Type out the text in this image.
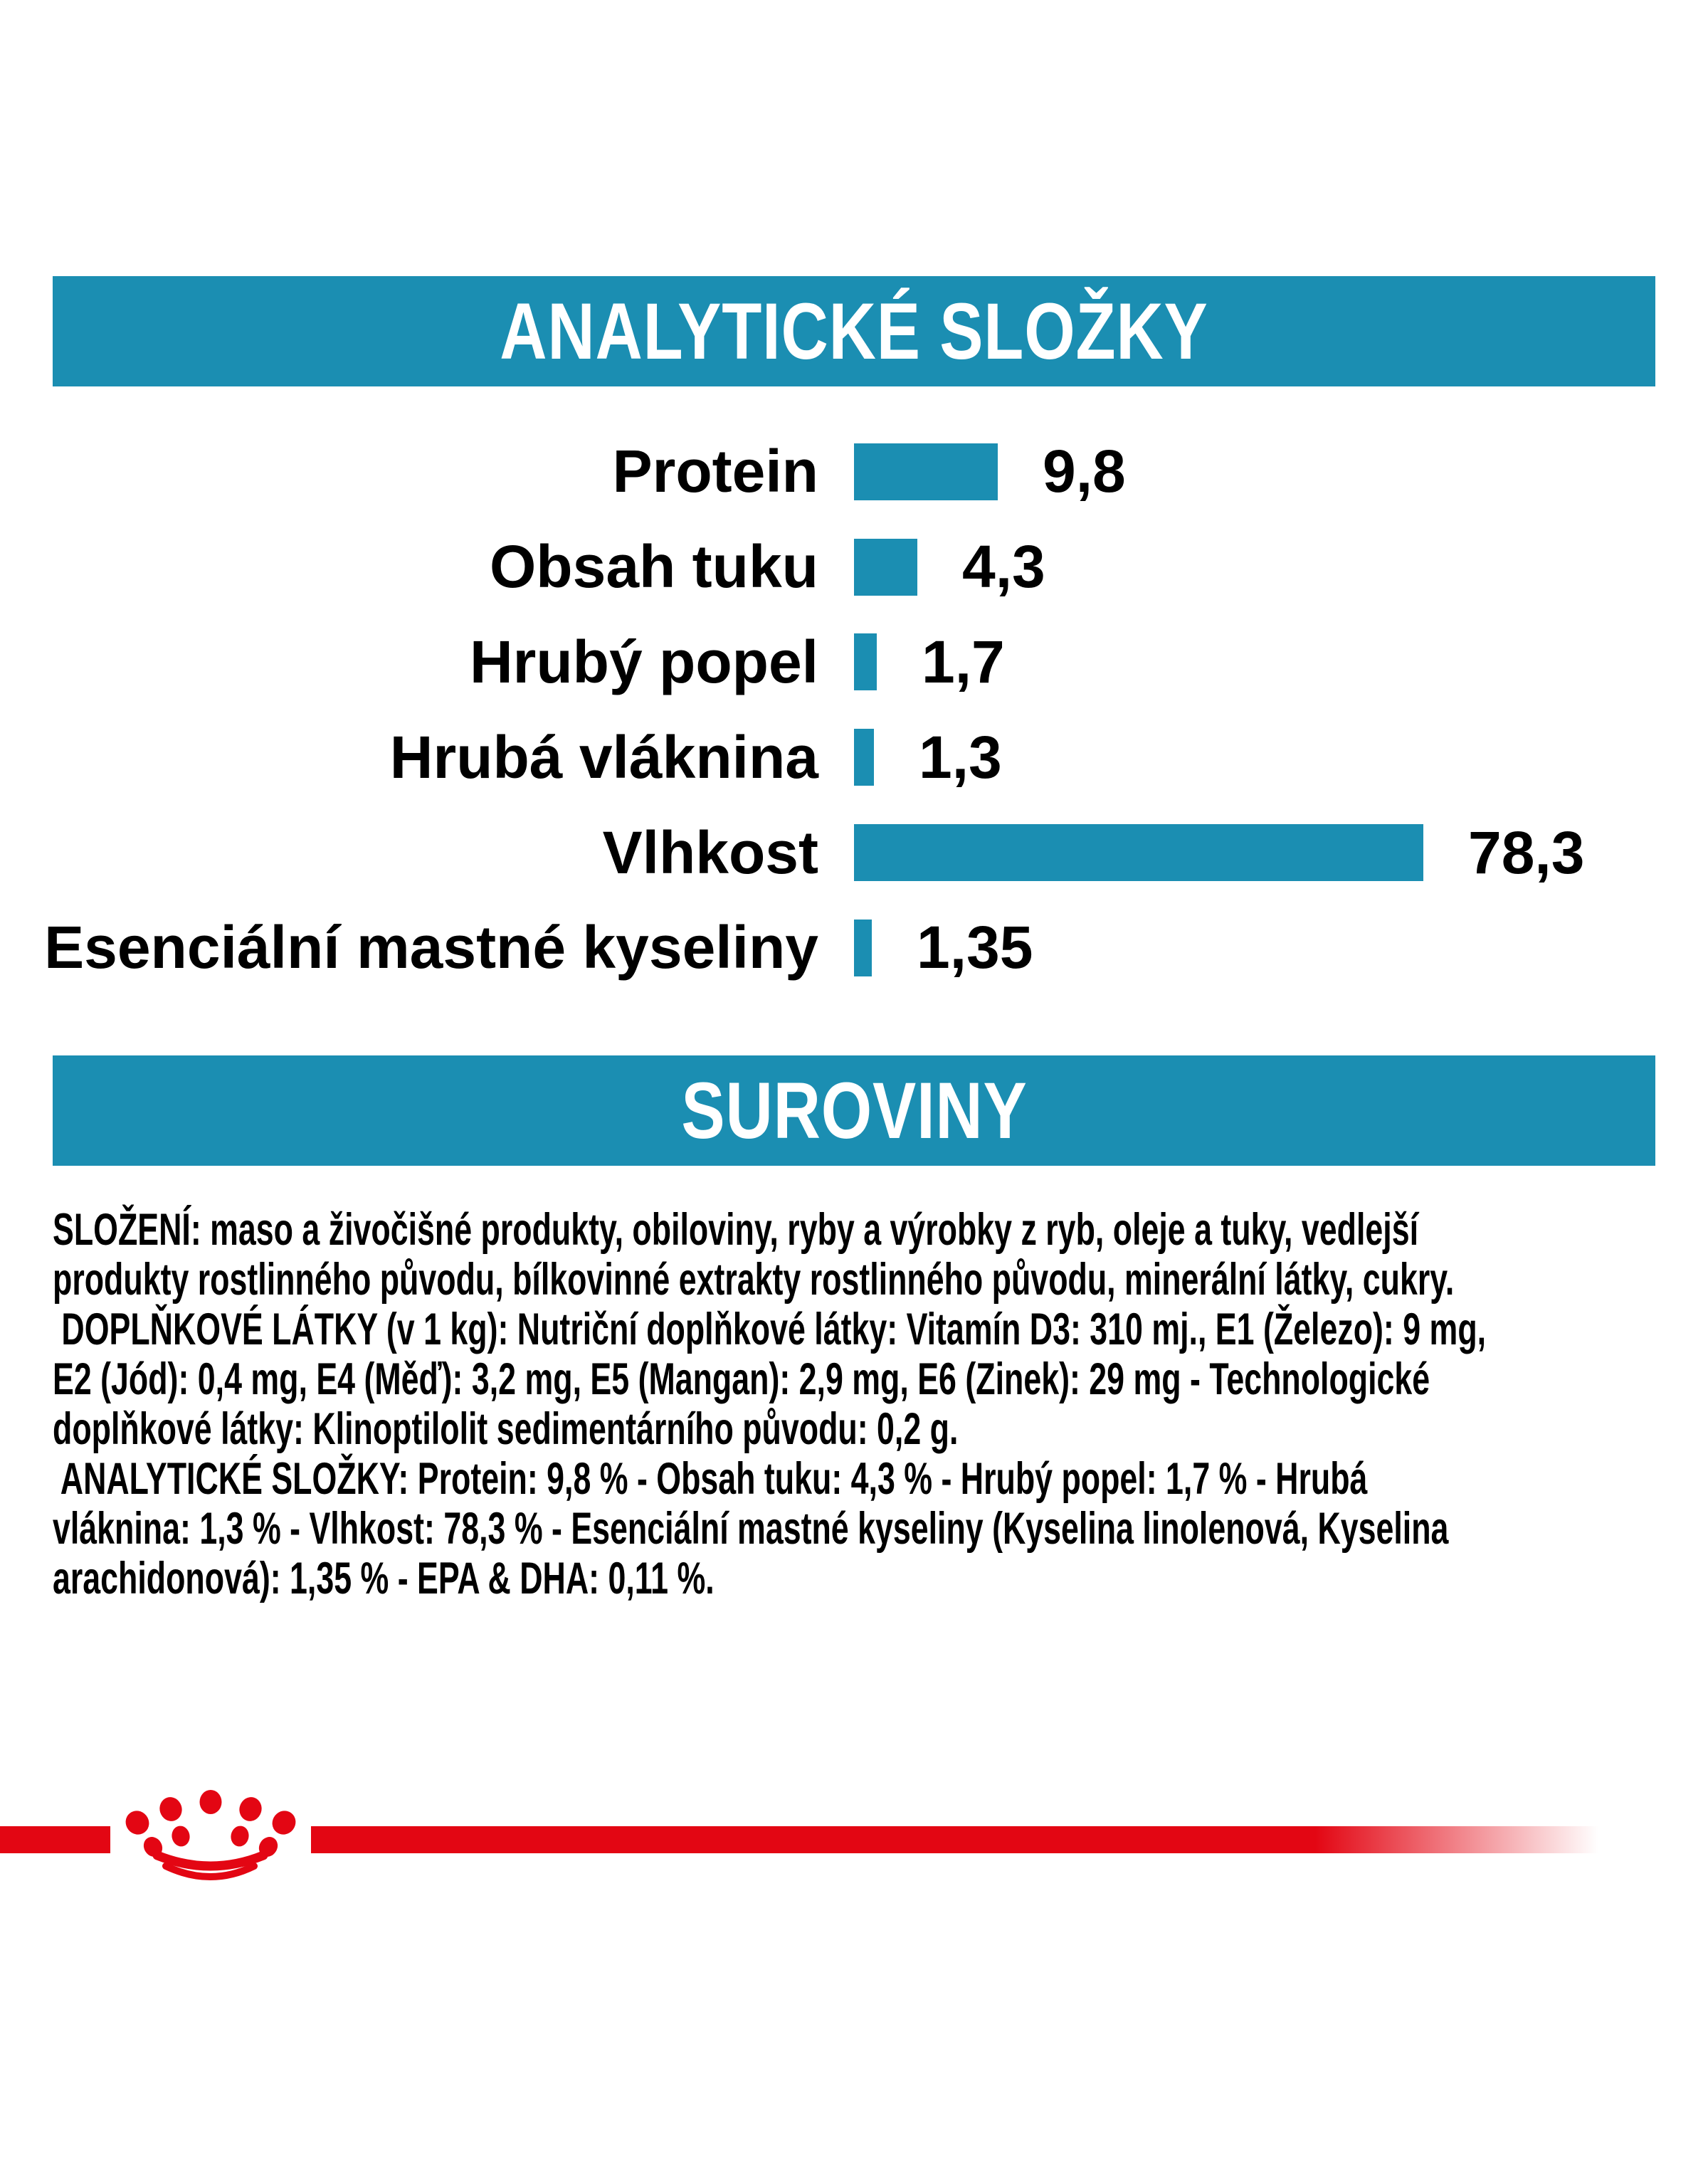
ANALYTICKÉ SLOŽKY
Protein	9,8
Obsah tuku 4,3
Hrubý popel 1,7
Hrubá vláknina 1,3
Vlhkost	78,3
Esenciální mastné kyseliny 1,35
SUROVINY
SLOŽENÍ: maso a živočišné produkty, obiloviny, ryby a výrobky z ryb, oleje a tuky, vedlejší
produkty rostlinného původu, bílkovinné extrakty rostlinného původu, minerální látky, cukry.
DOPLŇKOVÉ LÁTKY (v 1 kg): Nutriční doplňkové látky: Vitamín D3: 310 mj., E1 (Železo): 9 mg,
E2 (Jód): 0,4 mg, E4 (Měď): 3,2 mg, E5 (Mangan): 2,9 mg, E6 (Zinek): 29 mg - Technologické
doplňkové látky: Klinoptilolit sedimentárního původu: 0,2 g.
ANALYTICKÉ SLOŽKY: Protein: 9,8 % - Obsah tuku: 4,3 % - Hrubý popel: 1,7 % - Hrubá
vláknina: 1,3 % - Vlhkost: 78,3 % - Esenciální mastné kyseliny (Kyselina linolenová, Kyselina
arachidonová): 1,35 % - EPA & DHA: 0,11 %.
